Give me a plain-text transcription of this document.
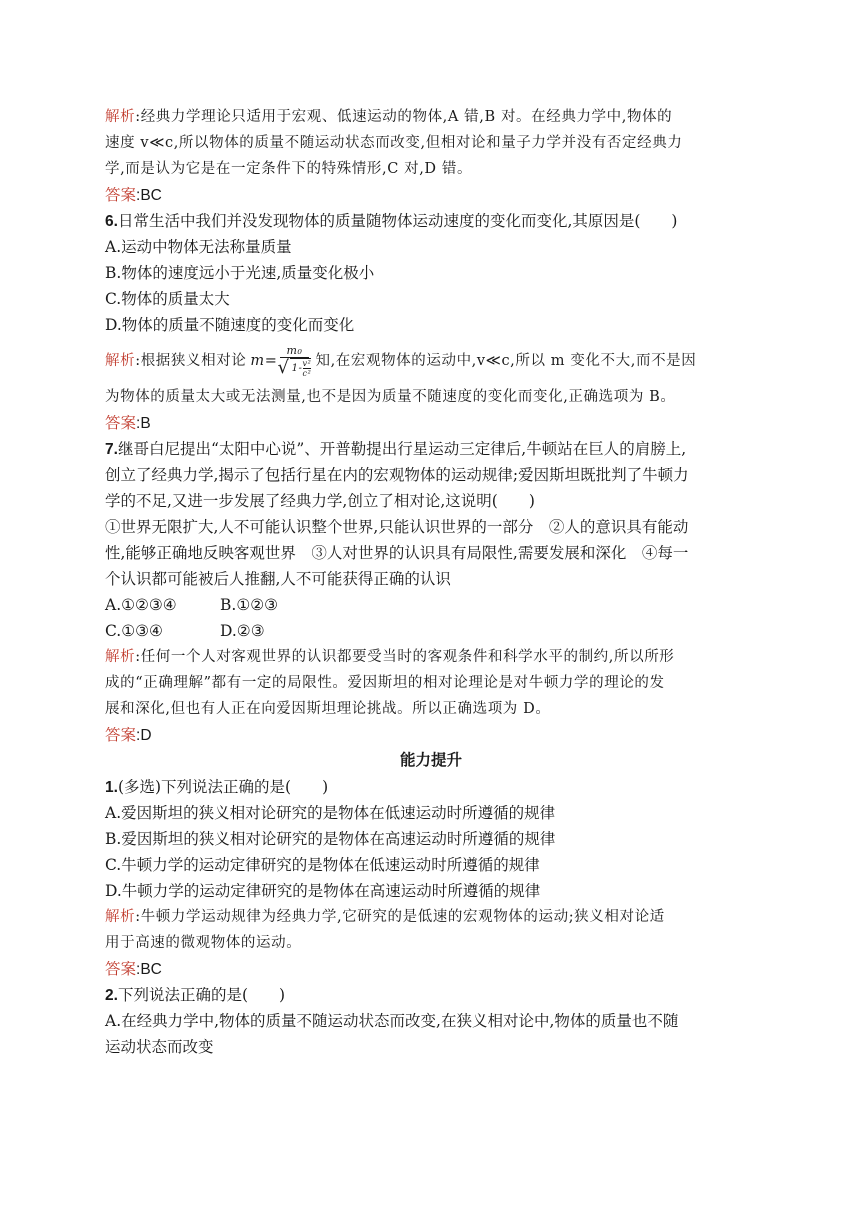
解析:经典力学理论只适用于宏观、低速运动的物体,A 错,B 对。在经典力学中,物体的
速度 v≪c,所以物体的质量不随运动状态而改变,但相对论和量子力学并没有否定经典力
学,而是认为它是在一定条件下的特殊情形,C 对,D 错。
答案:BC
6.日常生活中我们并没发现物体的质量随物体运动速度的变化而变化,其原因是(　　)
A.运动中物体无法称量质量
B.物体的速度远小于光速,质量变化极小
C.物体的质量太大
D.物体的质量不随速度的变化而变化
解析 :根据狭义相对论 m=
m₀
√ $1- \frac{\text{v²}}{\text{c²}}$ 知,在宏观物体的运动中,v≪c,所以 m 变化不大,而不是因
为物体的质量太大或无法测量,也不是因为质量不随速度的变化而变化,正确选项为 B。
答案:B
7.继哥白尼提出“太阳中心说”、开普勒提出行星运动三定律后,牛顿站在巨人的肩膀上,
创立了经典力学,揭示了包括行星在内的宏观物体的运动规律;爱因斯坦既批判了牛顿力
学的不足,又进一步发展了经典力学,创立了相对论,这说明(　　)
①世界无限扩大,人不可能认识整个世界,只能认识世界的一部分　②人的意识具有能动
性,能够正确地反映客观世界　③人对世界的认识具有局限性,需要发展和深化　④每一
个认识都可能被后人推翻,人不可能获得正确的认识
A.①②③④	B.①②③
C.①③④	D.②③
解析:任何一个人对客观世界的认识都要受当时的客观条件和科学水平的制约,所以所形
成的“正确理解”都有一定的局限性。爱因斯坦的相对论理论是对牛顿力学的理论的发
展和深化,但也有人正在向爱因斯坦理论挑战。所以正确选项为 D。
答案:D
能力提升
1.(多选)下列说法正确的是(　　)
A.爱因斯坦的狭义相对论研究的是物体在低速运动时所遵循的规律
B.爱因斯坦的狭义相对论研究的是物体在高速运动时所遵循的规律
C.牛顿力学的运动定律研究的是物体在低速运动时所遵循的规律
D.牛顿力学的运动定律研究的是物体在高速运动时所遵循的规律
解析:牛顿力学运动规律为经典力学,它研究的是低速的宏观物体的运动;狭义相对论适
用于高速的微观物体的运动。
答案:BC
2.下列说法正确的是(　　)
A.在经典力学中,物体的质量不随运动状态而改变,在狭义相对论中,物体的质量也不随
运动状态而改变
